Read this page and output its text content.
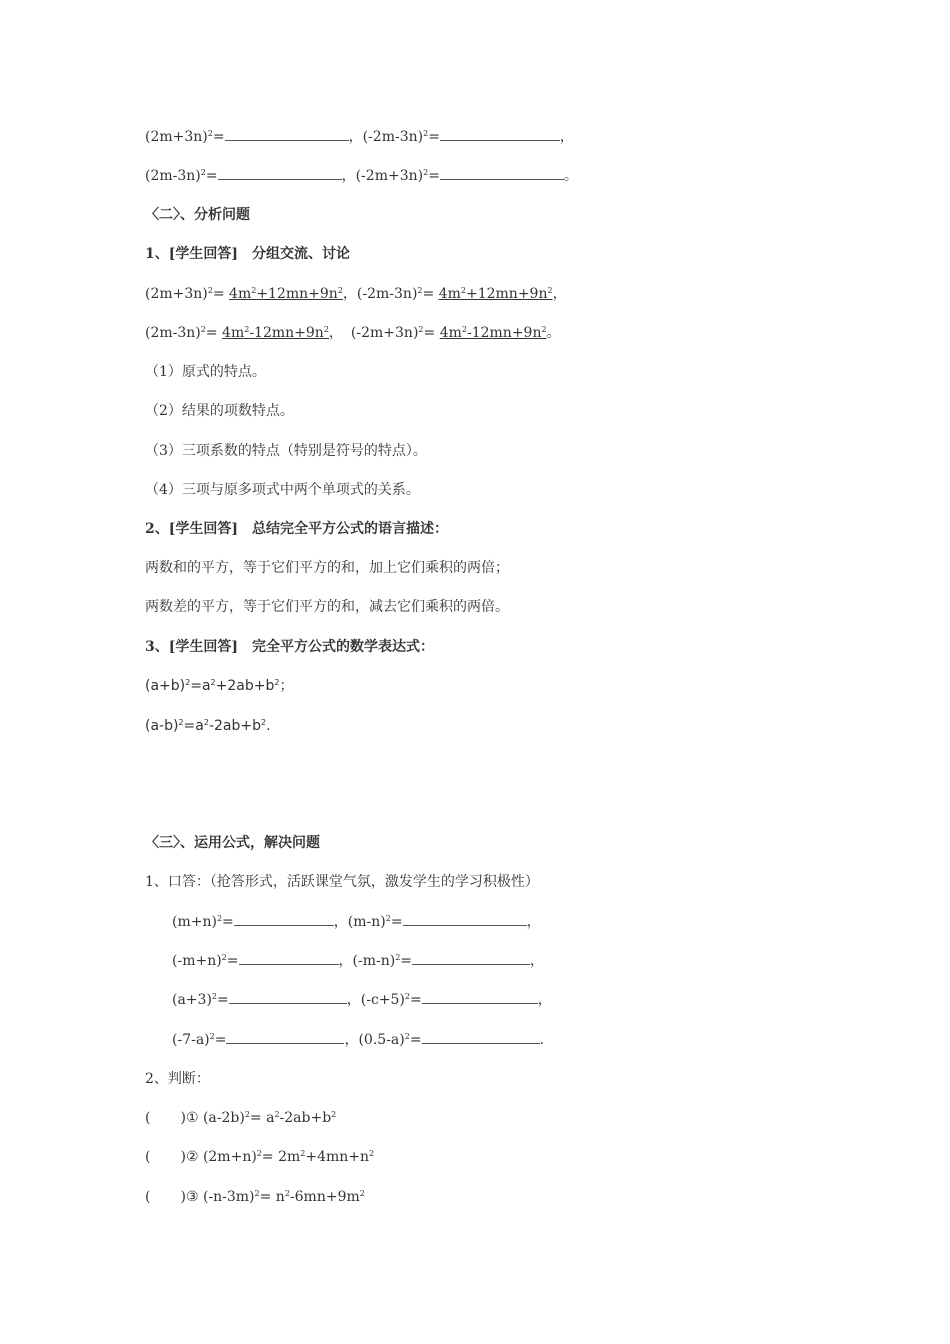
$(2m+3n)^2=$	，$(-2m-3n)^2=$	，
$(2m-3n)^2=$	，$(-2m+3n)^2=$	。
〈二〉、分析问题
1、[学生回答]　分组交流、讨论
$(2m+3n)^2= 4m^2+12mn+9n^2$，$(-2m-3n)^2= 4m^2+12mn+9n^2$，
$(2m-3n)^2= 4m^2-12mn+9n^2$， $(-2m+3n)^2= 4m^2-12mn+9n^2$。
（1）原式的特点。
（2）结果的项数特点。
（3）三项系数的特点（特别是符号的特点）。
（4）三项与原多项式中两个单项式的关系。
2、[学生回答]　总结完全平方公式的语言描述：
两数和的平方，等于它们平方的和，加上它们乘积的两倍；
两数差的平方，等于它们平方的和，减去它们乘积的两倍。
3、[学生回答]　完全平方公式的数学表达式：
$(a+b)^2=a^2+2ab+b^2$；
$(a-b)^2=a^2-2ab+b^2$.
〈三〉、运用公式，解决问题
1、口答：（抢答形式，活跃课堂气氛，激发学生的学习积极性）
$(m+n)^2=$	，$(m-n)^2=$	，
$(-m+n)^2=$	，$(-m-n)^2=$	，
$(a+3)^2=$	，$(-c+5)^2=$	，
$(-7-a)^2=$	，$(0.5-a)^2=$	.
2、判断：
( )① $(a-2b)^2= a^2-2ab+b^2$
( )② $(2m+n)^2= 2m^2+4mn+n^2$
( )③ $(-n-3m)^2= n^2-6mn+9m^2$
